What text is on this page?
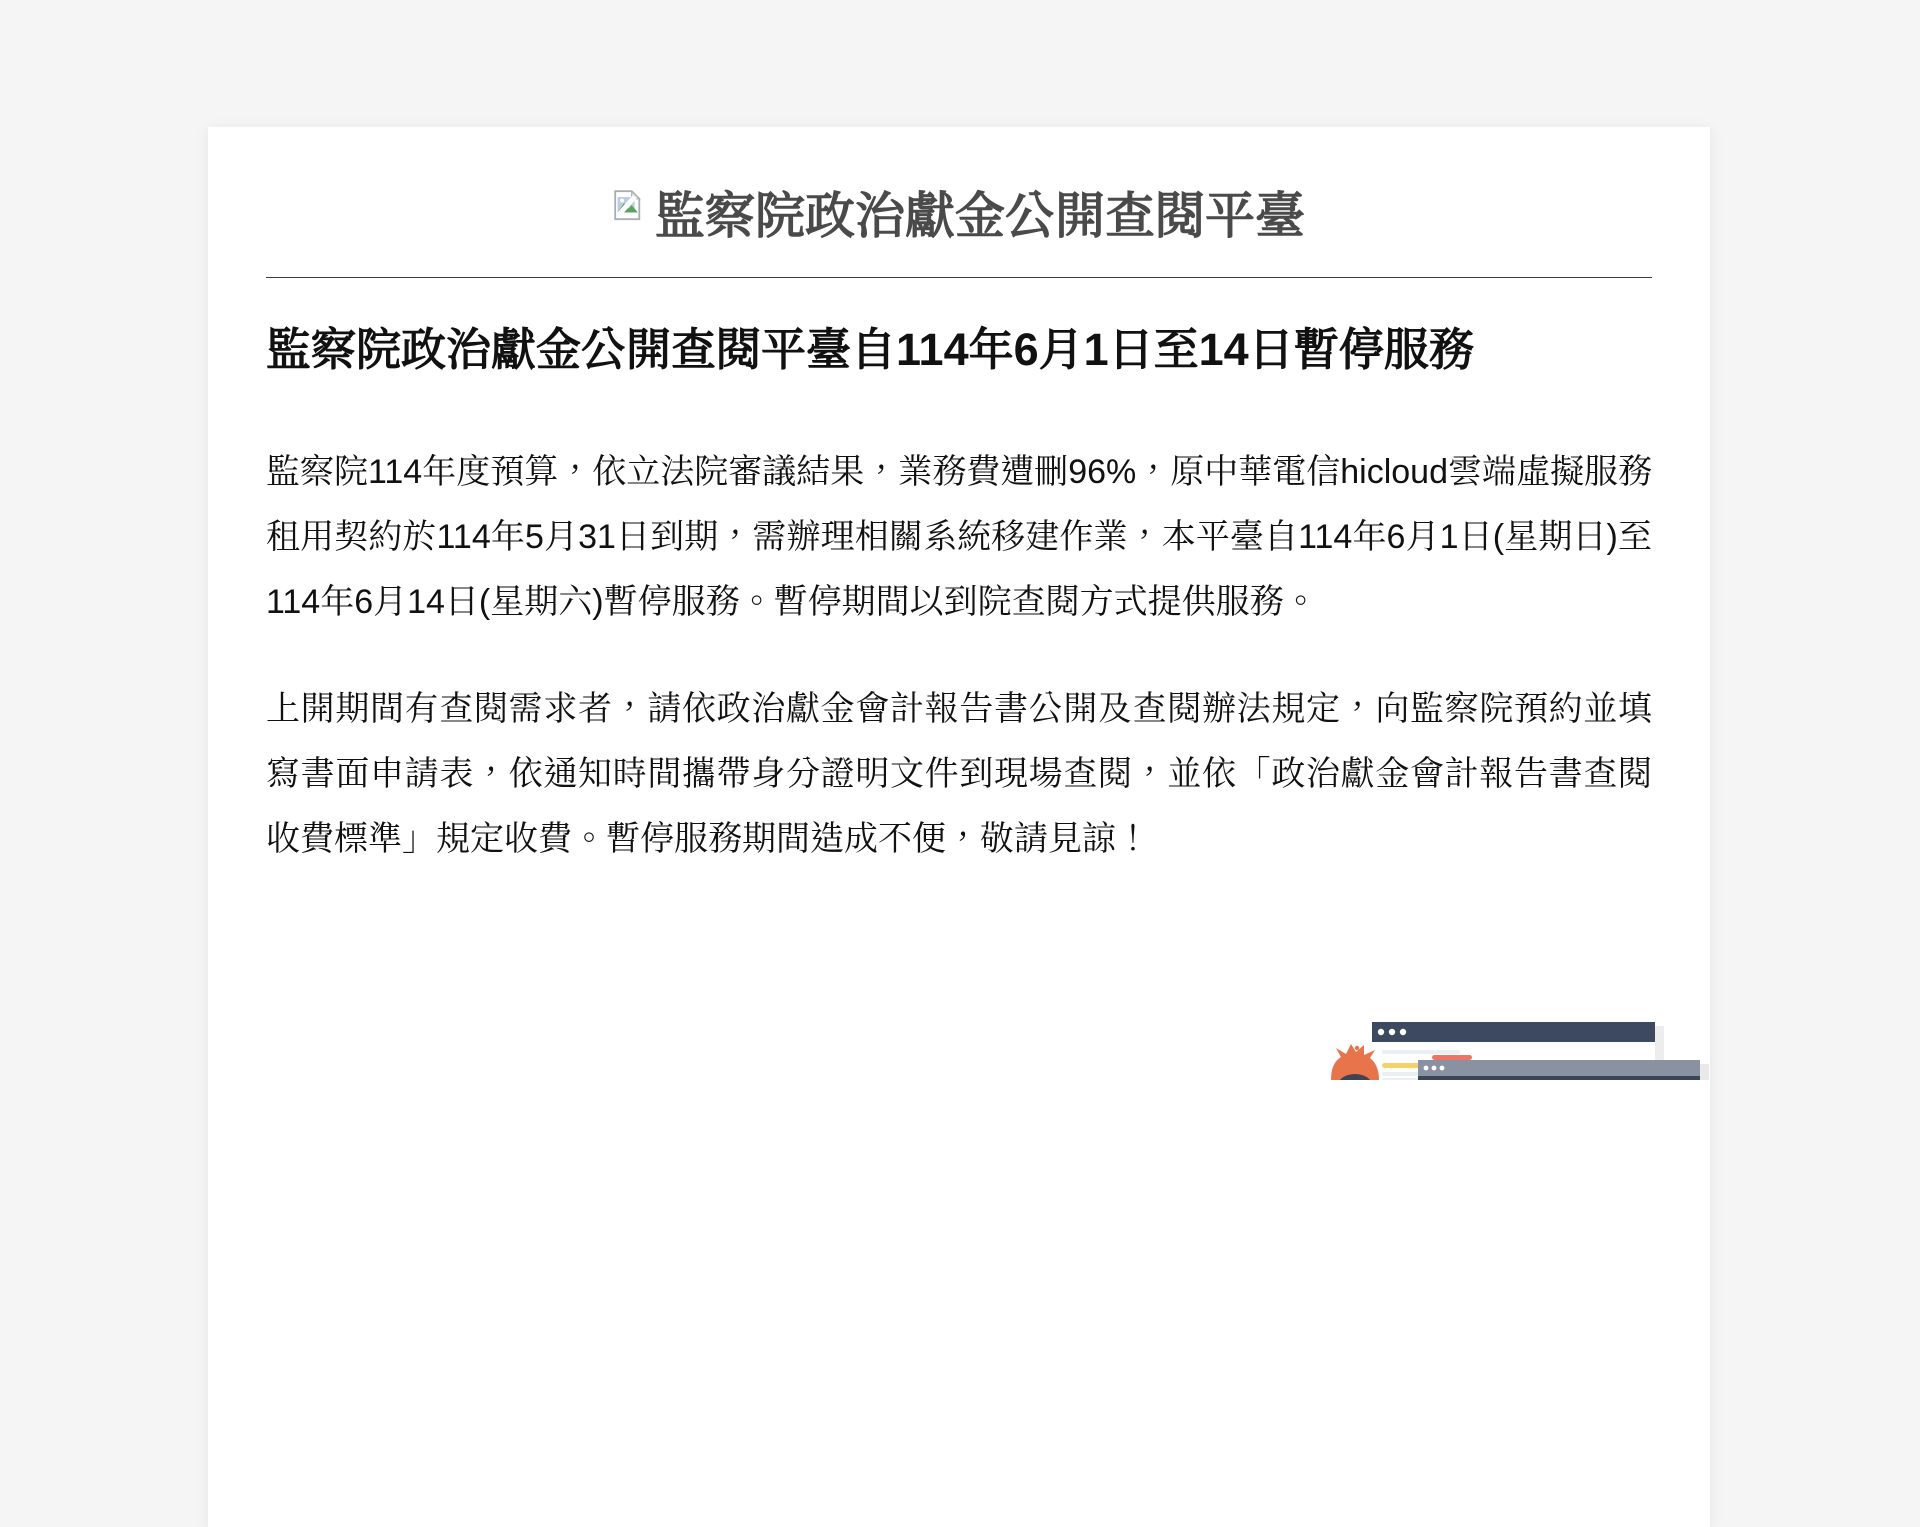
監察院政治獻金公開查閱平臺
監察院政治獻金公開查閱平臺自114年6月1日至14日暫停服務

監察院114年度預算，依立法院審議結果，業務費遭刪96%，原中華電信hicloud雲端虛擬服務租用契約於114年5月31日到期，需辦理相關系統移建作業，本平臺自114年6月1日(星期日)至114年6月14日(星期六)暫停服務。暫停期間以到院查閱方式提供服務。

上開期間有查閱需求者，請依政治獻金會計報告書公開及查閱辦法規定，向監察院預約並填寫書面申請表，依通知時間攜帶身分證明文件到現場查閱，並依「政治獻金會計報告書查閱收費標準」規定收費。暫停服務期間造成不便，敬請見諒！
